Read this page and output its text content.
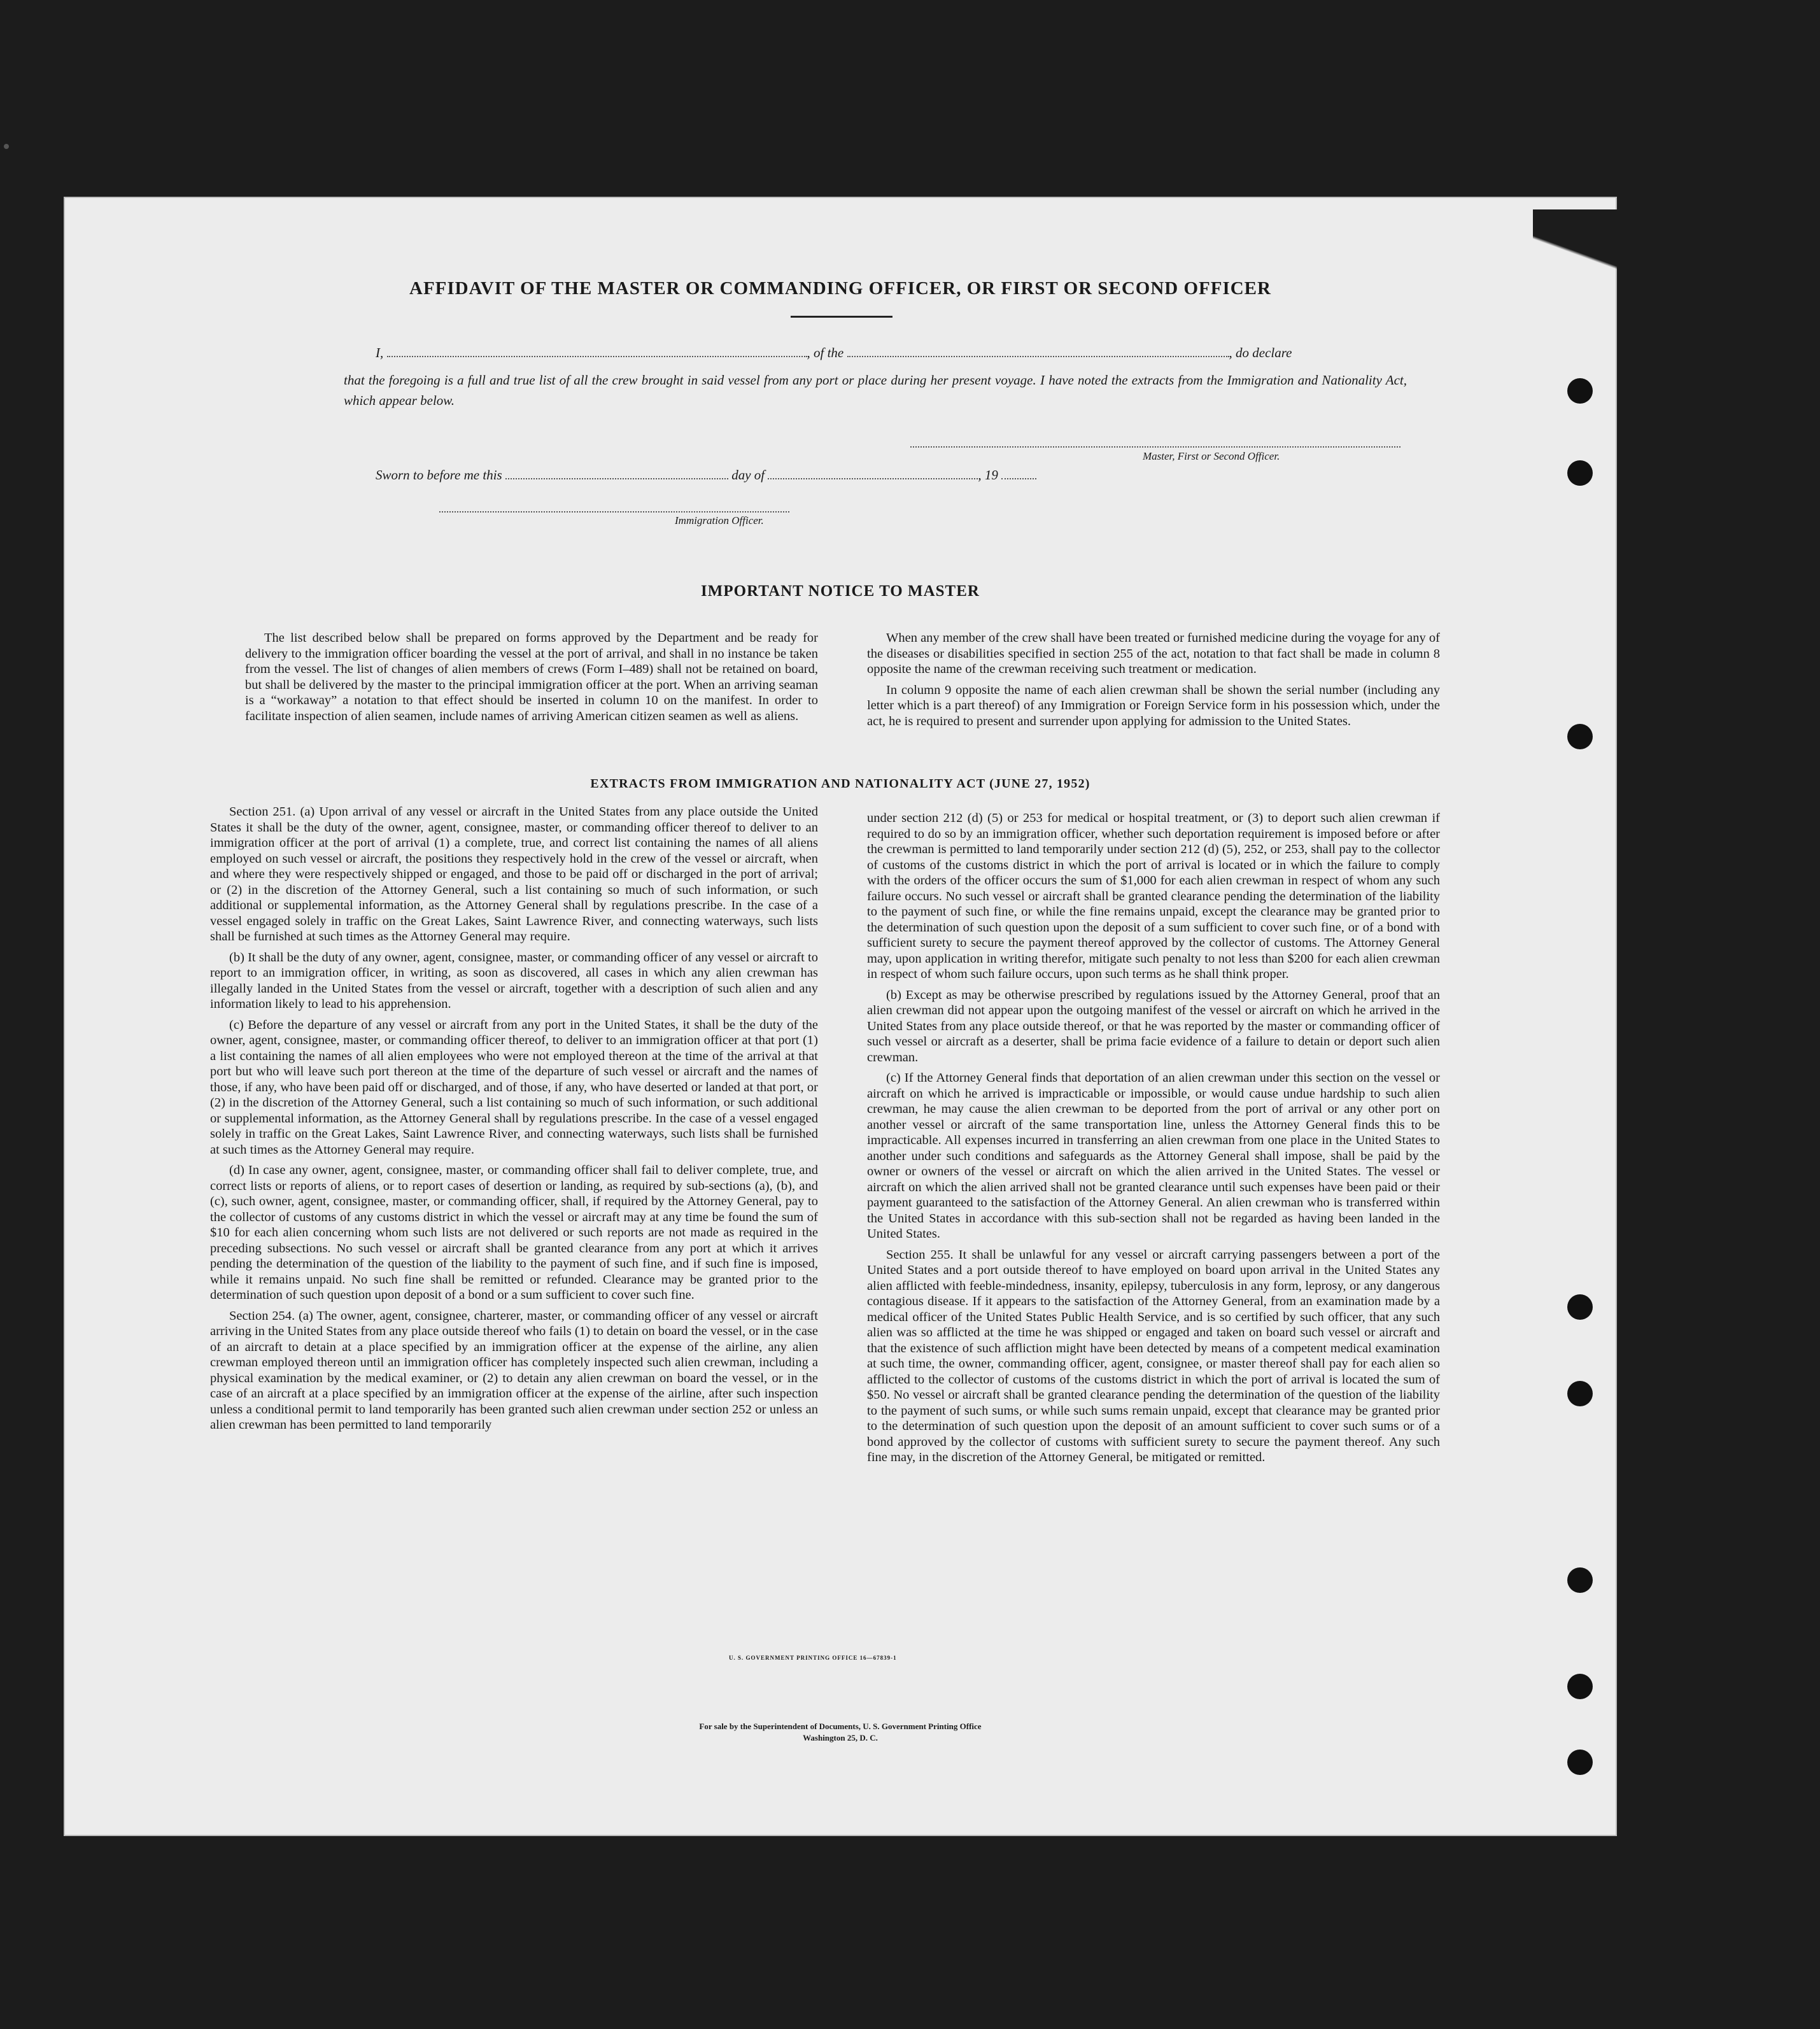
AFFIDAVIT OF THE MASTER OR COMMANDING OFFICER, OR FIRST OR SECOND OFFICER
I,	, of the	, do declare
that the foregoing is a full and true list of all the crew brought in said vessel from any port or place during her present voyage. I have noted the extracts from the Immigration and Nationality Act, which appear below.
Master, First or Second Officer.
Sworn to before me this	day of	, 19
Immigration Officer.
IMPORTANT NOTICE TO MASTER

The list described below shall be prepared on forms approved by the Department and be ready for delivery to the immigration officer boarding the vessel at the port of arrival, and shall in no instance be taken from the vessel. The list of changes of alien members of crews (Form I–489) shall not be retained on board, but shall be delivered by the master to the principal immigration officer at the port. When an arriving seaman is a “workaway” a notation to that effect should be inserted in column 10 on the manifest. In order to facilitate inspection of alien seamen, include names of arriving American citizen seamen as well as aliens.

When any member of the crew shall have been treated or furnished medicine during the voyage for any of the diseases or disabilities specified in section 255 of the act, notation to that fact shall be made in column 8 opposite the name of the crewman receiving such treatment or medication.

In column 9 opposite the name of each alien crewman shall be shown the serial number (including any letter which is a part thereof) of any Immigration or Foreign Service form in his possession which, under the act, he is required to present and surrender upon applying for admission to the United States.

EXTRACTS FROM IMMIGRATION AND NATIONALITY ACT (JUNE 27, 1952)

Section 251. (a) Upon arrival of any vessel or aircraft in the United States from any place outside the United States it shall be the duty of the owner, agent, consignee, master, or commanding officer thereof to deliver to an immigration officer at the port of arrival (1) a complete, true, and correct list containing the names of all aliens employed on such vessel or aircraft, the positions they respectively hold in the crew of the vessel or aircraft, when and where they were respectively shipped or engaged, and those to be paid off or discharged in the port of arrival; or (2) in the discretion of the Attorney General, such a list containing so much of such information, or such additional or supplemental information, as the Attorney General shall by regulations prescribe. In the case of a vessel engaged solely in traffic on the Great Lakes, Saint Lawrence River, and connecting waterways, such lists shall be furnished at such times as the Attorney General may require.

(b) It shall be the duty of any owner, agent, consignee, master, or commanding officer of any vessel or aircraft to report to an immigration officer, in writing, as soon as discovered, all cases in which any alien crewman has illegally landed in the United States from the vessel or aircraft, together with a description of such alien and any information likely to lead to his apprehension.

(c) Before the departure of any vessel or aircraft from any port in the United States, it shall be the duty of the owner, agent, consignee, master, or commanding officer thereof, to deliver to an immigration officer at that port (1) a list containing the names of all alien employees who were not employed thereon at the time of the arrival at that port but who will leave such port thereon at the time of the departure of such vessel or aircraft and the names of those, if any, who have been paid off or discharged, and of those, if any, who have deserted or landed at that port, or (2) in the discretion of the Attorney General, such a list containing so much of such information, or such additional or supplemental information, as the Attorney General shall by regulations prescribe. In the case of a vessel engaged solely in traffic on the Great Lakes, Saint Lawrence River, and connecting waterways, such lists shall be furnished at such times as the Attorney General may require.

(d) In case any owner, agent, consignee, master, or commanding officer shall fail to deliver complete, true, and correct lists or reports of aliens, or to report cases of desertion or landing, as required by sub-sections (a), (b), and (c), such owner, agent, consignee, master, or commanding officer, shall, if required by the Attorney General, pay to the collector of customs of any customs district in which the vessel or aircraft may at any time be found the sum of $10 for each alien concerning whom such lists are not delivered or such reports are not made as required in the preceding subsections. No such vessel or aircraft shall be granted clearance from any port at which it arrives pending the determination of the question of the liability to the payment of such fine, and if such fine is imposed, while it remains unpaid. No such fine shall be remitted or refunded. Clearance may be granted prior to the determination of such question upon deposit of a bond or a sum sufficient to cover such fine.

Section 254. (a) The owner, agent, consignee, charterer, master, or commanding officer of any vessel or aircraft arriving in the United States from any place outside thereof who fails (1) to detain on board the vessel, or in the case of an aircraft to detain at a place specified by an immigration officer at the expense of the airline, any alien crewman employed thereon until an immigration officer has completely inspected such alien crewman, including a physical examination by the medical examiner, or (2) to detain any alien crewman on board the vessel, or in the case of an aircraft at a place specified by an immigration officer at the expense of the airline, after such inspection unless a conditional permit to land temporarily has been granted such alien crewman under section 252 or unless an alien crewman has been permitted to land temporarily

under section 212 (d) (5) or 253 for medical or hospital treatment, or (3) to deport such alien crewman if required to do so by an immigration officer, whether such deportation requirement is imposed before or after the crewman is permitted to land temporarily under section 212 (d) (5), 252, or 253, shall pay to the collector of customs of the customs district in which the port of arrival is located or in which the failure to comply with the orders of the officer occurs the sum of $1,000 for each alien crewman in respect of whom any such failure occurs. No such vessel or aircraft shall be granted clearance pending the determination of the liability to the payment of such fine, or while the fine remains unpaid, except the clearance may be granted prior to the determination of such question upon the deposit of a sum sufficient to cover such fine, or of a bond with sufficient surety to secure the payment thereof approved by the collector of customs. The Attorney General may, upon application in writing therefor, mitigate such penalty to not less than $200 for each alien crewman in respect of whom such failure occurs, upon such terms as he shall think proper.

(b) Except as may be otherwise prescribed by regulations issued by the Attorney General, proof that an alien crewman did not appear upon the outgoing manifest of the vessel or aircraft on which he arrived in the United States from any place outside thereof, or that he was reported by the master or commanding officer of such vessel or aircraft as a deserter, shall be prima facie evidence of a failure to detain or deport such alien crewman.

(c) If the Attorney General finds that deportation of an alien crewman under this section on the vessel or aircraft on which he arrived is impracticable or impossible, or would cause undue hardship to such alien crewman, he may cause the alien crewman to be deported from the port of arrival or any other port on another vessel or aircraft of the same transportation line, unless the Attorney General finds this to be impracticable. All expenses incurred in transferring an alien crewman from one place in the United States to another under such conditions and safeguards as the Attorney General shall impose, shall be paid by the owner or owners of the vessel or aircraft on which the alien arrived in the United States. The vessel or aircraft on which the alien arrived shall not be granted clearance until such expenses have been paid or their payment guaranteed to the satisfaction of the Attorney General. An alien crewman who is transferred within the United States in accordance with this sub-section shall not be regarded as having been landed in the United States.

Section 255. It shall be unlawful for any vessel or aircraft carrying passengers between a port of the United States and a port outside thereof to have employed on board upon arrival in the United States any alien afflicted with feeble-mindedness, insanity, epilepsy, tuberculosis in any form, leprosy, or any dangerous contagious disease. If it appears to the satisfaction of the Attorney General, from an examination made by a medical officer of the United States Public Health Service, and is so certified by such officer, that any such alien was so afflicted at the time he was shipped or engaged and taken on board such vessel or aircraft and that the existence of such affliction might have been detected by means of a competent medical examination at such time, the owner, commanding officer, agent, consignee, or master thereof shall pay for each alien so afflicted to the collector of customs of the customs district in which the port of arrival is located the sum of $50. No vessel or aircraft shall be granted clearance pending the determination of the question of the liability to the payment of such sums, or while such sums remain unpaid, except that clearance may be granted prior to the determination of such question upon the deposit of an amount sufficient to cover such sums or of a bond approved by the collector of customs with sufficient surety to secure the payment thereof. Any such fine may, in the discretion of the Attorney General, be mitigated or remitted.

U. S. GOVERNMENT PRINTING OFFICE 16—67839-1
For sale by the Superintendent of Documents, U. S. Government Printing Office
Washington 25, D. C.
